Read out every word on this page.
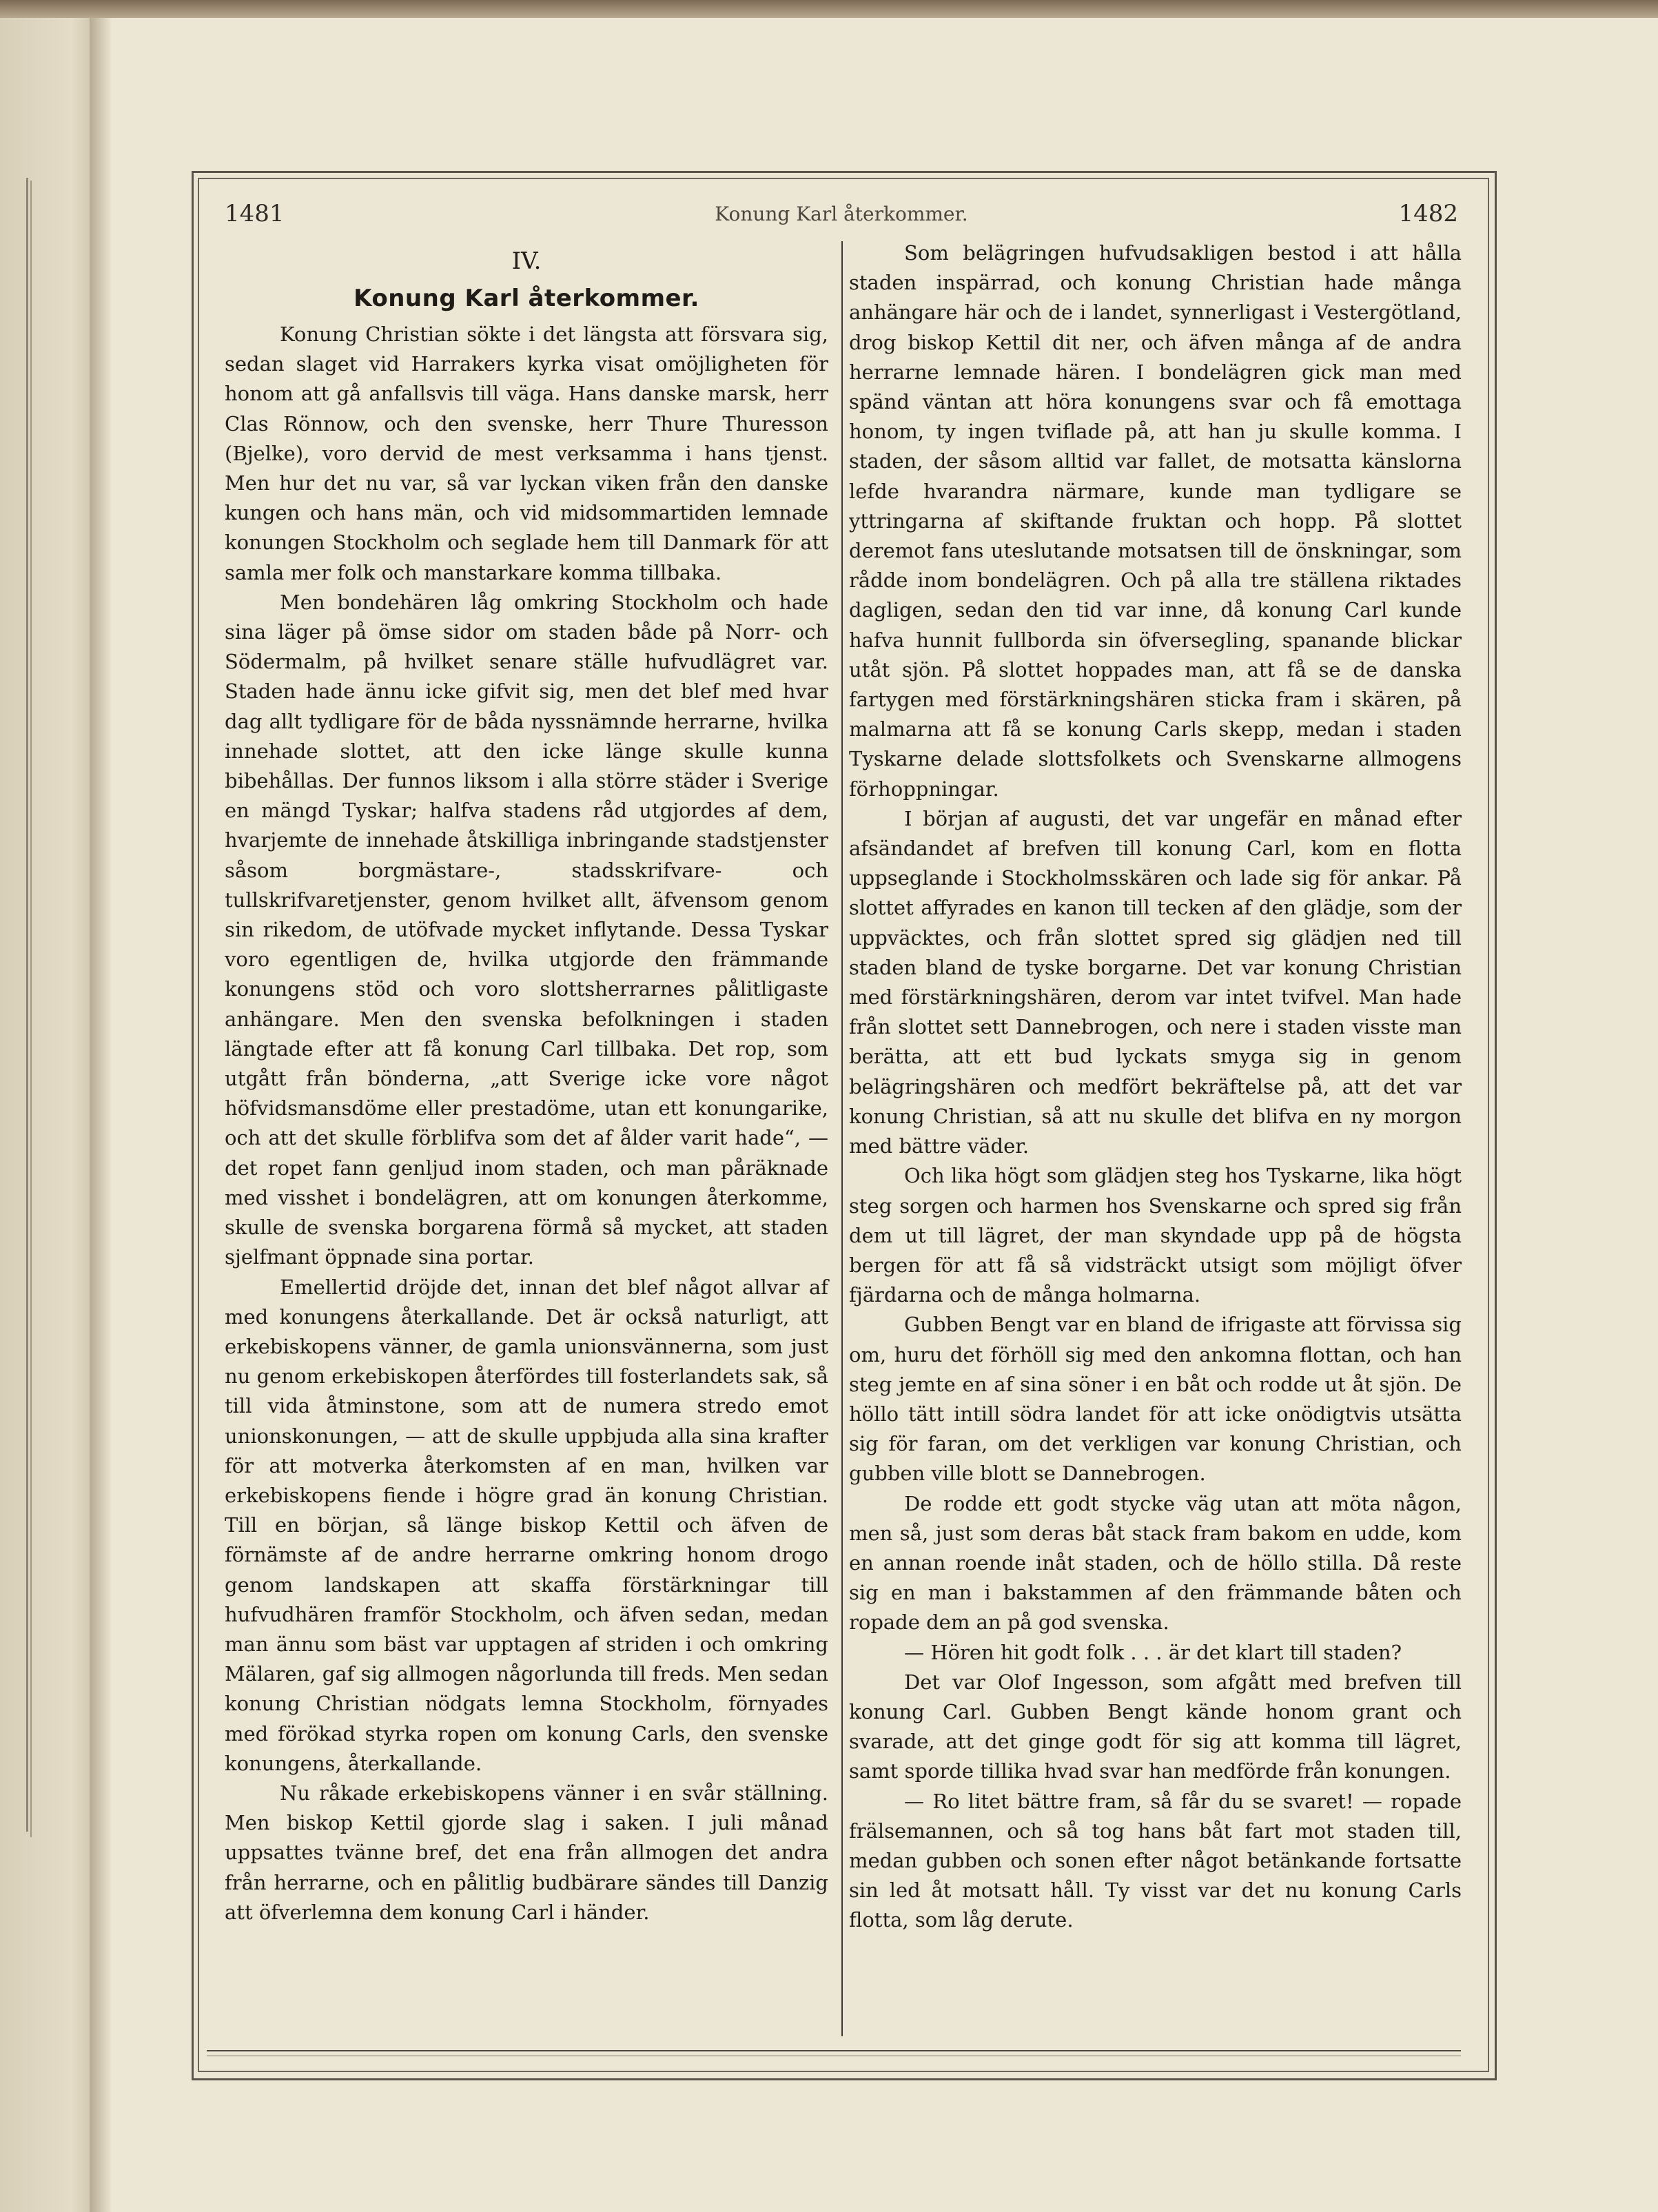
1481	Konung Karl återkommer.	1482
IV.
Konung Karl återkommer.

Konung Christian sökte i det längsta att försvara sig, sedan slaget vid Harrakers kyrka visat omöjligheten för honom att gå anfallsvis till väga. Hans danske marsk, herr Clas Rönnow, och den svenske, herr Thure Thuresson (Bjelke), voro dervid de mest verksamma i hans tjenst. Men hur det nu var, så var lyckan viken från den danske kungen och hans män, och vid midsommartiden lemnade konungen Stockholm och seglade hem till Danmark för att samla mer folk och manstarkare komma tillbaka.

Men bondehären låg omkring Stockholm och hade sina läger på ömse sidor om staden både på Norr- och Södermalm, på hvilket senare ställe hufvudlägret var. Staden hade ännu icke gifvit sig, men det blef med hvar dag allt tydligare för de båda nyssnämnde herrarne, hvilka innehade slottet, att den icke länge skulle kunna bibehållas. Der funnos liksom i alla större städer i Sverige en mängd Tyskar; halfva stadens råd utgjordes af dem, hvarjemte de innehade åtskilliga inbringande stadstjenster såsom borgmästare-, stadsskrifvare- och tullskrifvaretjenster, genom hvilket allt, äfvensom genom sin rikedom, de utöfvade mycket inflytande. Dessa Tyskar voro egentligen de, hvilka utgjorde den främmande konungens stöd och voro slottsherrarnes pålitligaste anhängare. Men den svenska befolkningen i staden längtade efter att få konung Carl tillbaka. Det rop, som utgått från bönderna, „att Sverige icke vore något höfvidsmansdöme eller prestadöme, utan ett konungarike, och att det skulle förblifva som det af ålder varit hade“, — det ropet fann genljud inom staden, och man påräknade med visshet i bondelägren, att om konungen återkomme, skulle de svenska borgarena förmå så mycket, att staden sjelfmant öppnade sina portar.

Emellertid dröjde det, innan det blef något allvar af med konungens återkallande. Det är också naturligt, att erkebiskopens vänner, de gamla unionsvännerna, som just nu genom erkebiskopen återfördes till fosterlandets sak, så till vida åtminstone, som att de numera stredo emot unionskonungen, — att de skulle uppbjuda alla sina krafter för att motverka återkomsten af en man, hvilken var erkebiskopens fiende i högre grad än konung Christian. Till en början, så länge biskop Kettil och äfven de förnämste af de andre herrarne omkring honom drogo genom landskapen att skaffa förstärkningar till hufvudhären framför Stockholm, och äfven sedan, medan man ännu som bäst var upptagen af striden i och omkring Mälaren, gaf sig allmogen någorlunda till freds. Men sedan konung Christian nödgats lemna Stockholm, förnyades med förökad styrka ropen om konung Carls, den svenske konungens, återkallande.

Nu råkade erkebiskopens vänner i en svår ställning. Men biskop Kettil gjorde slag i saken. I juli månad uppsattes tvänne bref, det ena från allmogen det andra från herrarne, och en pålitlig budbärare sändes till Danzig att öfverlemna dem konung Carl i händer.

Som belägringen hufvudsakligen bestod i att hålla staden inspärrad, och konung Christian hade många anhängare här och de i landet, synnerligast i Vestergötland, drog biskop Kettil dit ner, och äfven många af de andra herrarne lemnade hären. I bondelägren gick man med spänd väntan att höra konungens svar och få emottaga honom, ty ingen tviflade på, att han ju skulle komma. I staden, der såsom alltid var fallet, de motsatta känslorna lefde hvarandra närmare, kunde man tydligare se yttringarna af skiftande fruktan och hopp. På slottet deremot fans uteslutande motsatsen till de önskningar, som rådde inom bondelägren. Och på alla tre ställena riktades dagligen, sedan den tid var inne, då konung Carl kunde hafva hunnit fullborda sin öfversegling, spanande blickar utåt sjön. På slottet hoppades man, att få se de danska fartygen med förstärkningshären sticka fram i skären, på malmarna att få se konung Carls skepp, medan i staden Tyskarne delade slottsfolkets och Svenskarne allmogens förhoppningar.

I början af augusti, det var ungefär en månad efter afsändandet af brefven till konung Carl, kom en flotta uppseglande i Stockholmsskären och lade sig för ankar. På slottet affyrades en kanon till tecken af den glädje, som der uppväcktes, och från slottet spred sig glädjen ned till staden bland de tyske borgarne. Det var konung Christian med förstärkningshären, derom var intet tvifvel. Man hade från slottet sett Dannebrogen, och nere i staden visste man berätta, att ett bud lyckats smyga sig in genom belägringshären och medfört bekräftelse på, att det var konung Christian, så att nu skulle det blifva en ny morgon med bättre väder.

Och lika högt som glädjen steg hos Tyskarne, lika högt steg sorgen och harmen hos Svenskarne och spred sig från dem ut till lägret, der man skyndade upp på de högsta bergen för att få så vidsträckt utsigt som möjligt öfver fjärdarna och de många holmarna.

Gubben Bengt var en bland de ifrigaste att förvissa sig om, huru det förhöll sig med den ankomna flottan, och han steg jemte en af sina söner i en båt och rodde ut åt sjön. De höllo tätt intill södra landet för att icke onödigtvis utsätta sig för faran, om det verkligen var konung Christian, och gubben ville blott se Dannebrogen.

De rodde ett godt stycke väg utan att möta någon, men så, just som deras båt stack fram bakom en udde, kom en annan roende inåt staden, och de höllo stilla. Då reste sig en man i bakstammen af den främmande båten och ropade dem an på god svenska.

— Hören hit godt folk . . . är det klart till staden?

Det var Olof Ingesson, som afgått med brefven till konung Carl. Gubben Bengt kände honom grant och svarade, att det ginge godt för sig att komma till lägret, samt sporde tillika hvad svar han medförde från konungen.

— Ro litet bättre fram, så får du se svaret! — ropade frälsemannen, och så tog hans båt fart mot staden till, medan gubben och sonen efter något betänkande fortsatte sin led åt motsatt håll. Ty visst var det nu konung Carls flotta, som låg derute.
